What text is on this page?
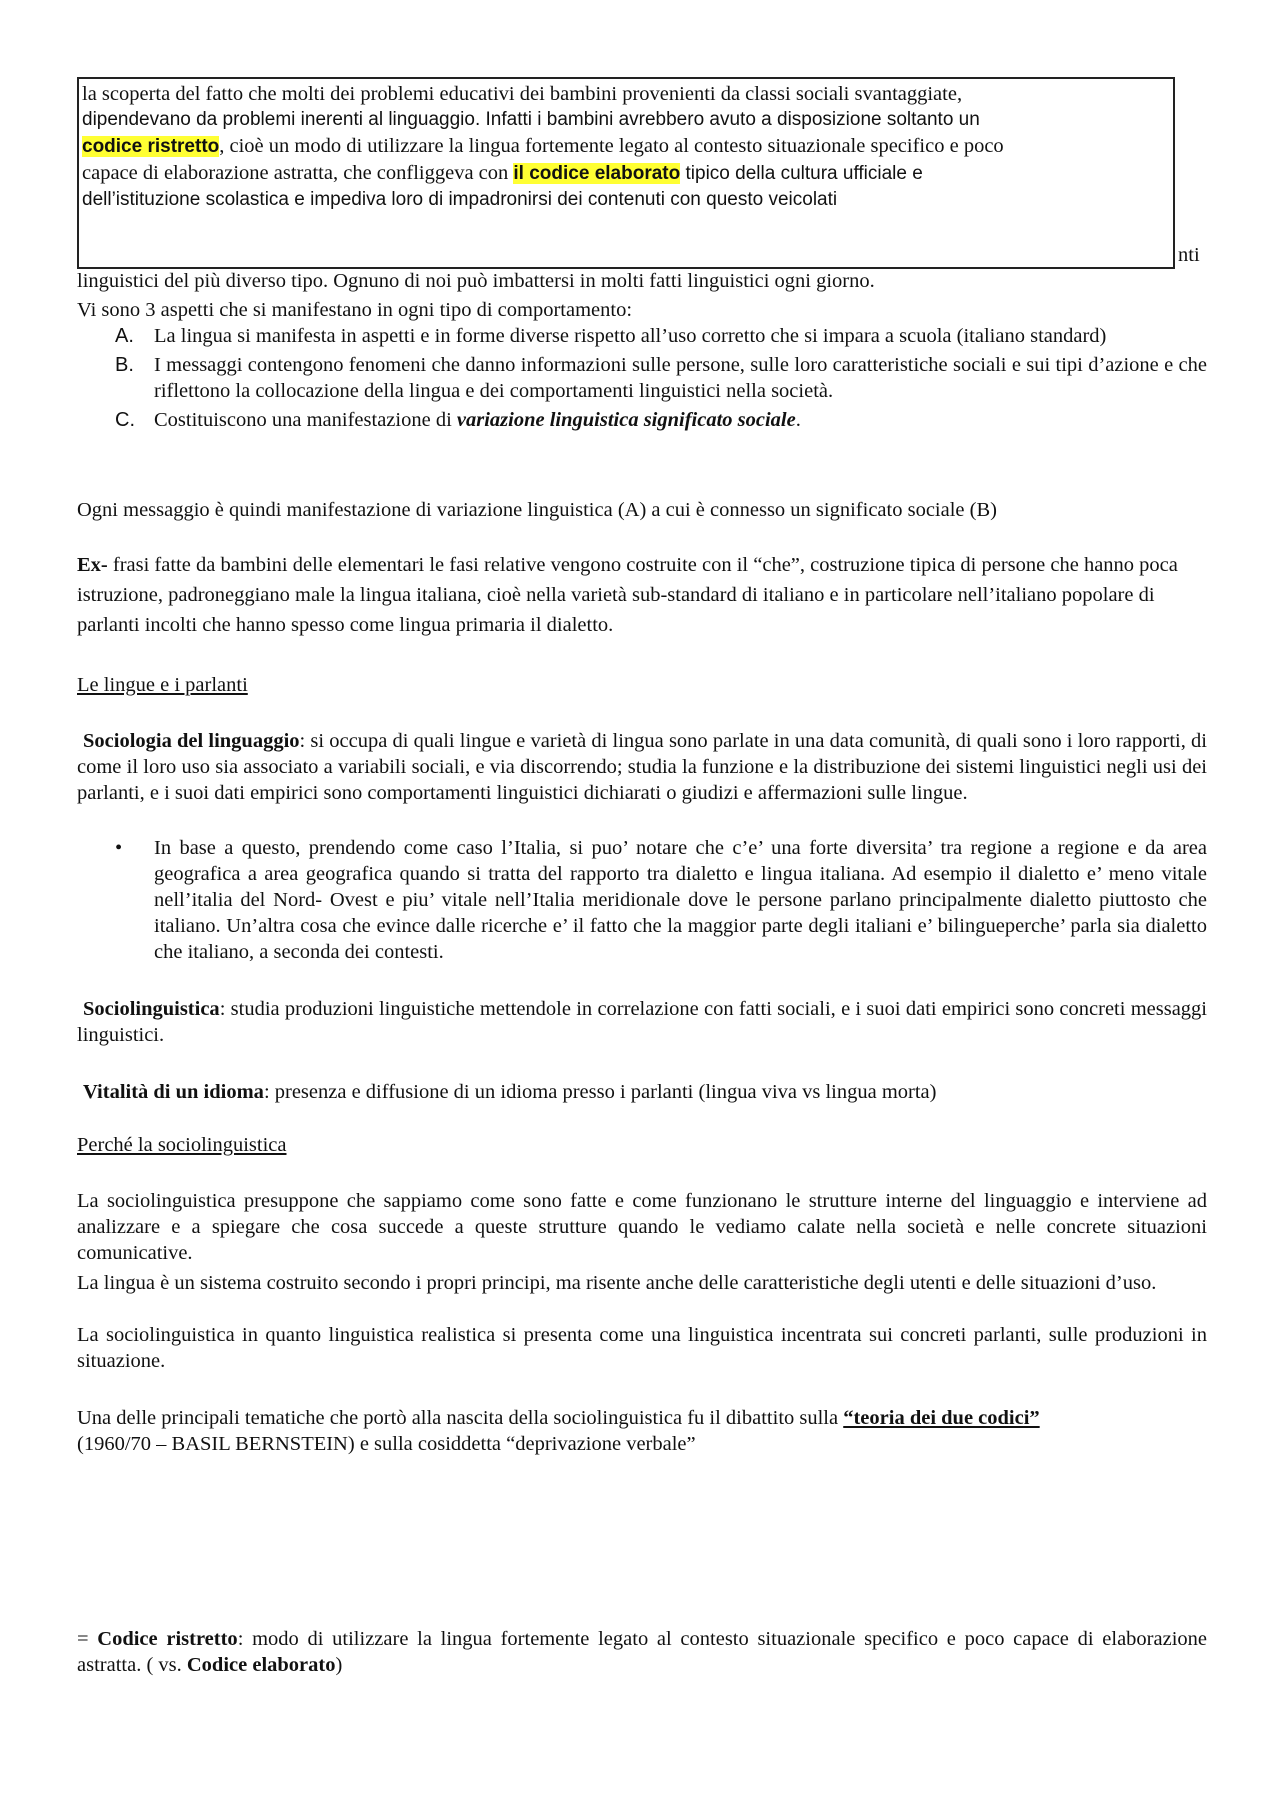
la scoperta del fatto che molti dei problemi educativi dei bambini provenienti da classi sociali svantaggiate,
dipendevano da problemi inerenti al linguaggio. Infatti i bambini avrebbero avuto a disposizione soltanto un
codice ristretto, cioè un modo di utilizzare la lingua fortemente legato al contesto situazionale specifico e poco
capace di elaborazione astratta, che confliggeva con il codice elaborato tipico della cultura ufficiale e
dell’istituzione scolastica e impediva loro di impadronirsi dei contenuti con questo veicolati
nti
linguistici del più diverso tipo. Ognuno di noi può imbattersi in molti fatti linguistici ogni giorno.
Vi sono 3 aspetti che si manifestano in ogni tipo di comportamento:
A. La lingua si manifesta in aspetti e in forme diverse rispetto all’uso corretto che si impara a scuola (italiano standard)
B. I messaggi contengono fenomeni che danno informazioni sulle persone, sulle loro caratteristiche sociali e sui tipi d’azione e che riflettono la collocazione della lingua e dei comportamenti linguistici nella società.
C. Costituiscono una manifestazione di variazione linguistica significato sociale.
Ogni messaggio è quindi manifestazione di variazione linguistica (A) a cui è connesso un significato sociale (B)
Ex- frasi fatte da bambini delle elementari le fasi relative vengono costruite con il “che”, costruzione tipica di persone che hanno poca istruzione, padroneggiano male la lingua italiana, cioè nella varietà sub-standard di italiano e in particolare nell’italiano popolare di parlanti incolti che hanno spesso come lingua primaria il dialetto.
Le lingue e i parlanti
Sociologia del linguaggio: si occupa di quali lingue e varietà di lingua sono parlate in una data comunità, di quali sono i loro rapporti, di come il loro uso sia associato a variabili sociali, e via discorrendo; studia la funzione e la distribuzione dei sistemi linguistici negli usi dei parlanti, e i suoi dati empirici sono comportamenti linguistici dichiarati o giudizi e affermazioni sulle lingue.
• In base a questo, prendendo come caso l’Italia, si puo’ notare che c’e’ una forte diversita’ tra regione a regione e da area geografica a area geografica quando si tratta del rapporto tra dialetto e lingua italiana. Ad esempio il dialetto e’ meno vitale nell’italia del Nord- Ovest e piu’ vitale nell’Italia meridionale dove le persone parlano principalmente dialetto piuttosto che italiano. Un’altra cosa che evince dalle ricerche e’ il fatto che la maggior parte degli italiani e’ bilingueperche’ parla sia dialetto che italiano, a seconda dei contesti.
Sociolinguistica: studia produzioni linguistiche mettendole in correlazione con fatti sociali, e i suoi dati empirici sono concreti messaggi linguistici.
Vitalità di un idioma: presenza e diffusione di un idioma presso i parlanti (lingua viva vs lingua morta)
Perché la sociolinguistica
La sociolinguistica presuppone che sappiamo come sono fatte e come funzionano le strutture interne del linguaggio e interviene ad analizzare e a spiegare che cosa succede a queste strutture quando le vediamo calate nella società e nelle concrete situazioni comunicative.
La lingua è un sistema costruito secondo i propri principi, ma risente anche delle caratteristiche degli utenti e delle situazioni d’uso.
La sociolinguistica in quanto linguistica realistica si presenta come una linguistica incentrata sui concreti parlanti, sulle produzioni in situazione.
Una delle principali tematiche che portò alla nascita della sociolinguistica fu il dibattito sulla “teoria dei due codici”
(1960/70 – BASIL BERNSTEIN) e sulla cosiddetta “deprivazione verbale”
= Codice ristretto: modo di utilizzare la lingua fortemente legato al contesto situazionale specifico e poco capace di elaborazione astratta. ( vs. Codice elaborato)
